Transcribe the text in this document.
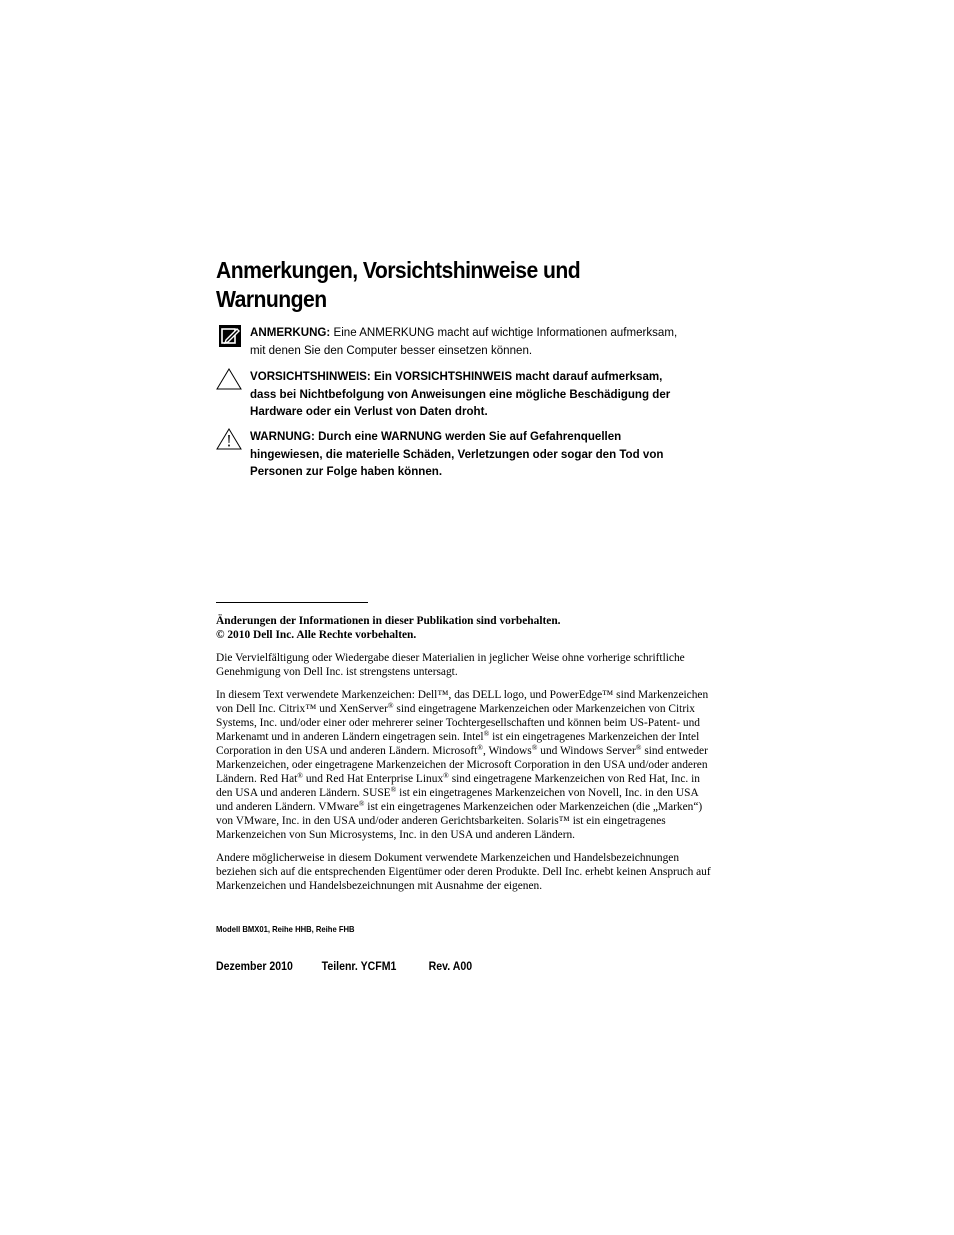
Anmerkungen, Vorsichtshinweise und Warnungen
ANMERKUNG: Eine ANMERKUNG macht auf wichtige Informationen aufmerksam, mit denen Sie den Computer besser einsetzen können.
VORSICHTSHINWEIS: Ein VORSICHTSHINWEIS macht darauf aufmerksam, dass bei Nichtbefolgung von Anweisungen eine mögliche Beschädigung der Hardware oder ein Verlust von Daten droht.
WARNUNG: Durch eine WARNUNG werden Sie auf Gefahrenquellen hingewiesen, die materielle Schäden, Verletzungen oder sogar den Tod von Personen zur Folge haben können.

Änderungen der Informationen in dieser Publikation sind vorbehalten.
© 2010 Dell Inc. Alle Rechte vorbehalten.

Die Vervielfältigung oder Wiedergabe dieser Materialien in jeglicher Weise ohne vorherige schriftliche Genehmigung von Dell Inc. ist strengstens untersagt.

In diesem Text verwendete Markenzeichen: Dell™, das DELL logo, und PowerEdge™ sind Markenzeichen von Dell Inc. Citrix™ und XenServer® sind eingetragene Markenzeichen oder Markenzeichen von Citrix Systems, Inc. und/oder einer oder mehrerer seiner Tochtergesellschaften und können beim US-Patent- und Markenamt und in anderen Ländern eingetragen sein. Intel® ist ein eingetragenes Markenzeichen der Intel Corporation in den USA und anderen Ländern. Microsoft®, Windows® und Windows Server® sind entweder Markenzeichen, oder eingetragene Markenzeichen der Microsoft Corporation in den USA und/oder anderen Ländern. Red Hat® und Red Hat Enterprise Linux® sind eingetragene Markenzeichen von Red Hat, Inc. in den USA und anderen Ländern. SUSE® ist ein eingetragenes Markenzeichen von Novell, Inc. in den USA und anderen Ländern. VMware® ist ein eingetragenes Markenzeichen oder Markenzeichen (die „Marken“) von VMware, Inc. in den USA und/oder anderen Gerichtsbarkeiten. Solaris™ ist ein eingetragenes Markenzeichen von Sun Microsystems, Inc. in den USA und anderen Ländern.

Andere möglicherweise in diesem Dokument verwendete Markenzeichen und Handelsbezeichnungen beziehen sich auf die entsprechenden Eigentümer oder deren Produkte. Dell Inc. erhebt keinen Anspruch auf Markenzeichen und Handelsbezeichnungen mit Ausnahme der eigenen.

Modell BMX01, Reihe HHB, Reihe FHB
Dezember 2010 Teilenr. YCFM1	Rev. A00
